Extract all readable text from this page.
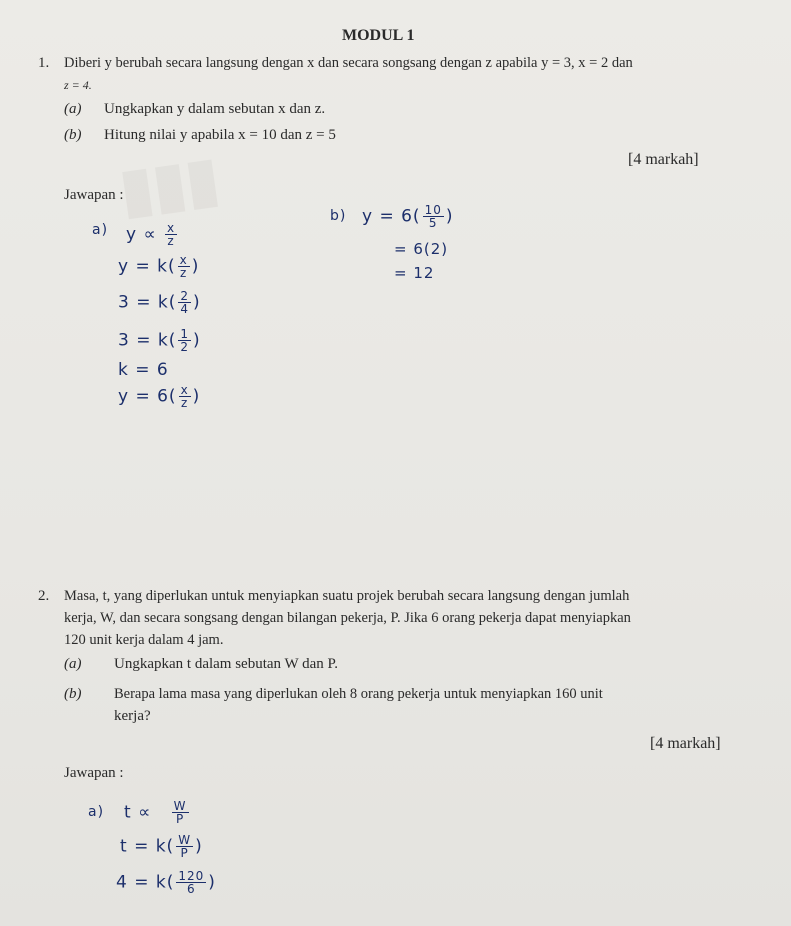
MODUL 1
1. Diberi y berubah secara langsung dengan x dan secara songsang dengan z apabila y = 3, x = 2 dan
z = 4.
(a) Ungkapkan y dalam sebutan x dan z.
(b) Hitung nilai y apabila x = 10 dan z = 5
[4 markah]
Jawapan :
a) $y \propto \frac{x}{z}$
$y = k( \frac{x}{z}$ )
$3 = k( \frac{2}{4}$ )
$3 = k( \frac{1}{2}$ )
k = 6
$y = 6( \frac{x}{z}$ )
b) $y = 6( \frac{10}{5}$ )
= 6(2)
= 12
2. Masa, t, yang diperlukan untuk menyiapkan suatu projek berubah secara langsung dengan jumlah
kerja, W, dan secara songsang dengan bilangan pekerja, P. Jika 6 orang pekerja dapat menyiapkan
120 unit kerja dalam 4 jam.
(a) Ungkapkan t dalam sebutan W dan P.
(b) Berapa lama masa yang diperlukan oleh 8 orang pekerja untuk menyiapkan 160 unit
kerja?
[4 markah]
Jawapan :
a) $t \propto \frac{W}{P}$
$t = k( \frac{W}{P}$ )
$4 = k( \frac{120}{6}$ )
